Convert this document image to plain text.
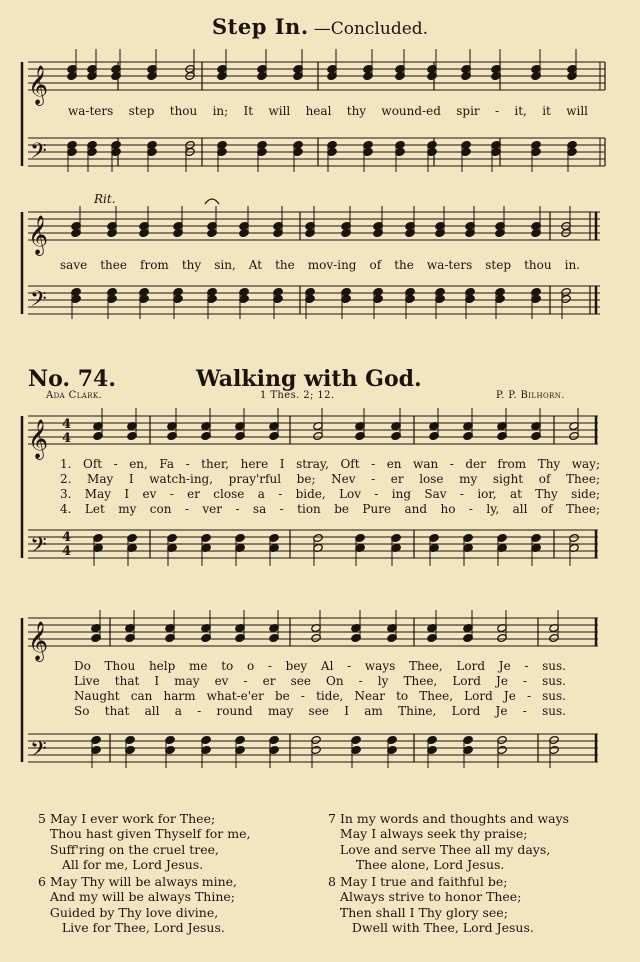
Step In. —Concluded.
𝄞
𝄢
𝄞
𝄢
𝄞
𝄢
4
4
4
4
𝄞
𝄢
wa-ters step thou in; It will heal thy wound-ed spir - it, it will
Rit.
save thee from thy sin, At the mov-ing of the wa-ters step thou in.
No. 74.	Walking with God.
Ada Clark.	1 Thes. 2; 12.	P. P. Bilhorn.
1. Oft - en, Fa - ther, here I stray, Oft - en wan - der from Thy way;
2. May I watch-ing, pray'rful be; Nev - er lose my sight of Thee;
3. May I ev - er close a - bide, Lov - ing Sav - ior, at Thy side;
4. Let my con - ver - sa - tion be Pure and ho - ly, all of Thee;
Do Thou help me to o - bey Al - ways Thee, Lord Je - sus.
Live that I may ev - er see On - ly Thee, Lord Je - sus.
Naught can harm what-e'er be - tide, Near to Thee, Lord Je - sus.
So that all a - round may see I am Thine, Lord Je - sus.

5 May I ever work for Thee;
Thou hast given Thyself for me,
Suff'ring on the cruel tree,
All for me, Lord Jesus.

6 May Thy will be always mine,
And my will be always Thine;
Guided by Thy love divine,
Live for Thee, Lord Jesus.

7 In my words and thoughts and ways
May I always seek thy praise;
Love and serve Thee all my days,
Thee alone, Lord Jesus.

8 May I true and faithful be;
Always strive to honor Thee;
Then shall I Thy glory see;
Dwell with Thee, Lord Jesus.
